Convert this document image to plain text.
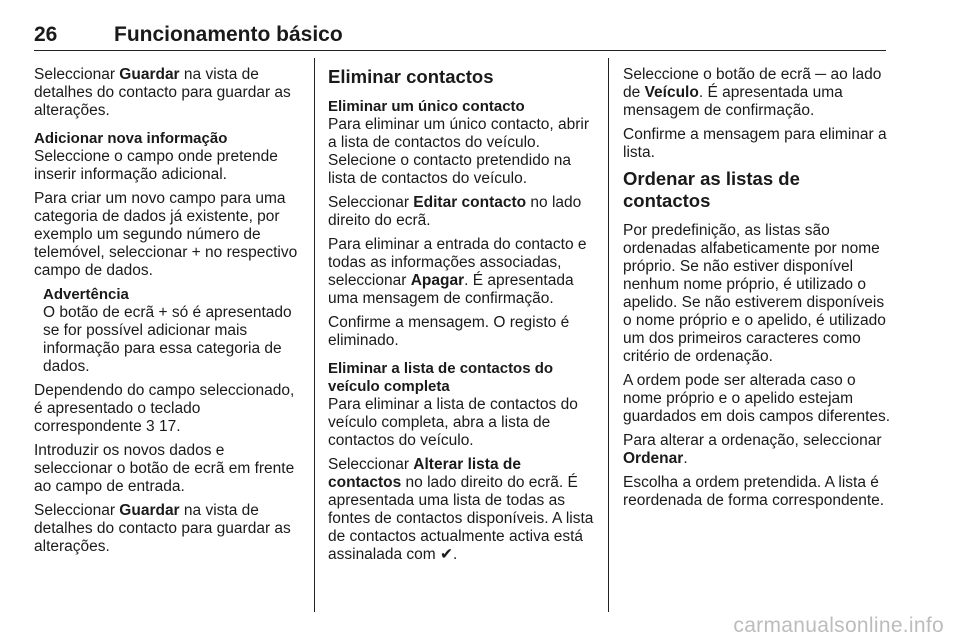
26	Funcionamento básico

Seleccionar Guardar na vista de detalhes do contacto para guardar as alterações.

Adicionar nova informação

Seleccione o campo onde pretende inserir informação adicional.

Para criar um novo campo para uma categoria de dados já existente, por exemplo um segundo número de telemóvel, seleccionar + no respectivo campo de dados.

Advertência

O botão de ecrã + só é apresentado se for possível adicionar mais informação para essa categoria de dados.

Dependendo do campo seleccionado, é apresentado o teclado correspondente 3 17.

Introduzir os novos dados e seleccionar o botão de ecrã em frente ao campo de entrada.

Seleccionar Guardar na vista de detalhes do contacto para guardar as alterações.

Eliminar contactos

Eliminar um único contacto

Para eliminar um único contacto, abrir a lista de contactos do veículo. Selecione o contacto pretendido na lista de contactos do veículo.

Seleccionar Editar contacto no lado direito do ecrã.

Para eliminar a entrada do contacto e todas as informações associadas, seleccionar Apagar. É apresentada uma mensagem de confirmação.

Confirme a mensagem. O registo é eliminado.

Eliminar a lista de contactos do veículo completa

Para eliminar a lista de contactos do veículo completa, abra a lista de contactos do veículo.

Seleccionar Alterar lista de contactos no lado direito do ecrã. É apresentada uma lista de todas as fontes de contactos disponíveis. A lista de contactos actualmente activa está assinalada com ✔.

Seleccione o botão de ecrã ─ ao lado de Veículo. É apresentada uma mensagem de confirmação.

Confirme a mensagem para eliminar a lista.

Ordenar as listas de contactos

Por predefinição, as listas são ordenadas alfabeticamente por nome próprio. Se não estiver disponível nenhum nome próprio, é utilizado o apelido. Se não estiverem disponíveis o nome próprio e o apelido, é utilizado um dos primeiros caracteres como critério de ordenação.

A ordem pode ser alterada caso o nome próprio e o apelido estejam guardados em dois campos diferentes.

Para alterar a ordenação, seleccionar Ordenar.

Escolha a ordem pretendida. A lista é reordenada de forma correspondente.

carmanualsonline.info
